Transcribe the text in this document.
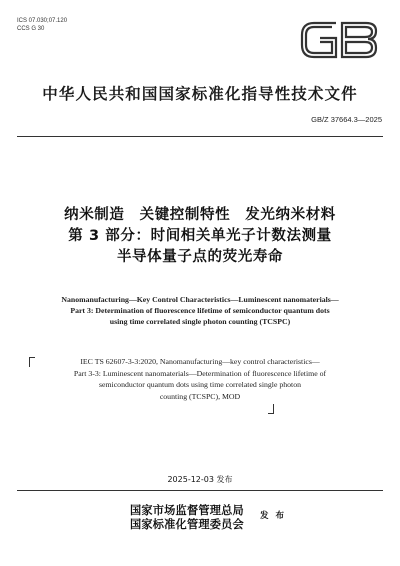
ICS 07.030;07.120
CCS G 30
中华人民共和国国家标准化指导性技术文件
GB/Z 37664.3—2025
纳米制造　关键控制特性　发光纳米材料
第 3 部分：时间相关单光子计数法测量
半导体量子点的荧光寿命
Nanomanufacturing—Key Control Characteristics—Luminescent nanomaterials—
Part 3: Determination of fluorescence lifetime of semiconductor quantum dots
using time correlated single photon counting (TCSPC)
IEC TS 62607-3-3:2020, Nanomanufacturing—key control characteristics—
Part 3-3: Luminescent nanomaterials—Determination of fluorescence lifetime of
semiconductor quantum dots using time correlated single photon
counting (TCSPC), MOD
2025-12-03 发布
国家市场监督管理总局
国家标准化管理委员会
发 布
